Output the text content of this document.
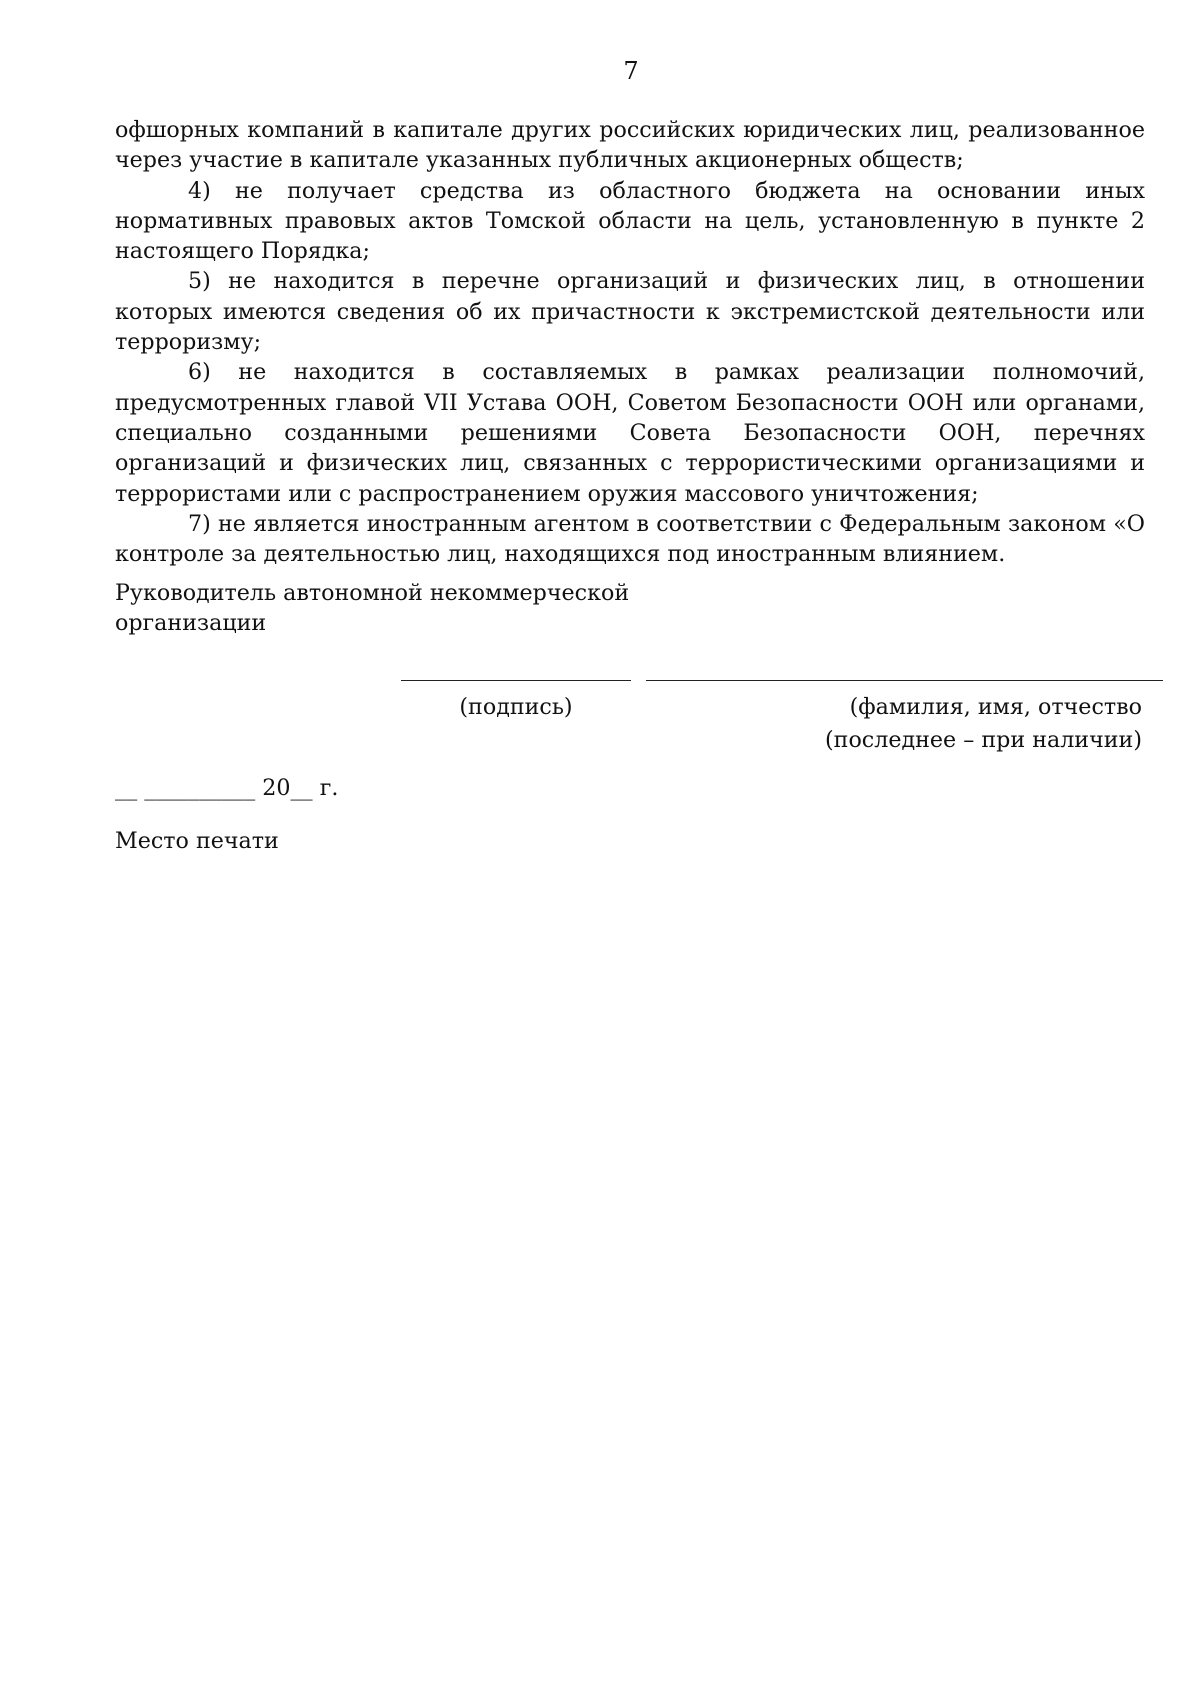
7

офшорных компаний в капитале других российских юридических лиц, реализованное через участие в капитале указанных публичных акционерных обществ;

4) не получает средства из областного бюджета на основании иных нормативных правовых актов Томской области на цель, установленную в пункте 2 настоящего Порядка;

5) не находится в перечне организаций и физических лиц, в отношении которых имеются сведения об их причастности к экстремистской деятельности или терроризму;

6) не находится в составляемых в рамках реализации полномочий, предусмотренных главой VII Устава ООН, Советом Безопасности ООН или органами, специально созданными решениями Совета Безопасности ООН, перечнях организаций и физических лиц, связанных с террористическими организациями и террористами или с распространением оружия массового уничтожения;

7) не является иностранным агентом в соответствии с Федеральным законом «О контроле за деятельностью лиц, находящихся под иностранным влиянием.

Руководитель автономной некоммерческой
организации
(подпись)	(фамилия, имя, отчество
(последнее – при наличии)
__ __________ 20__ г.
Место печати
